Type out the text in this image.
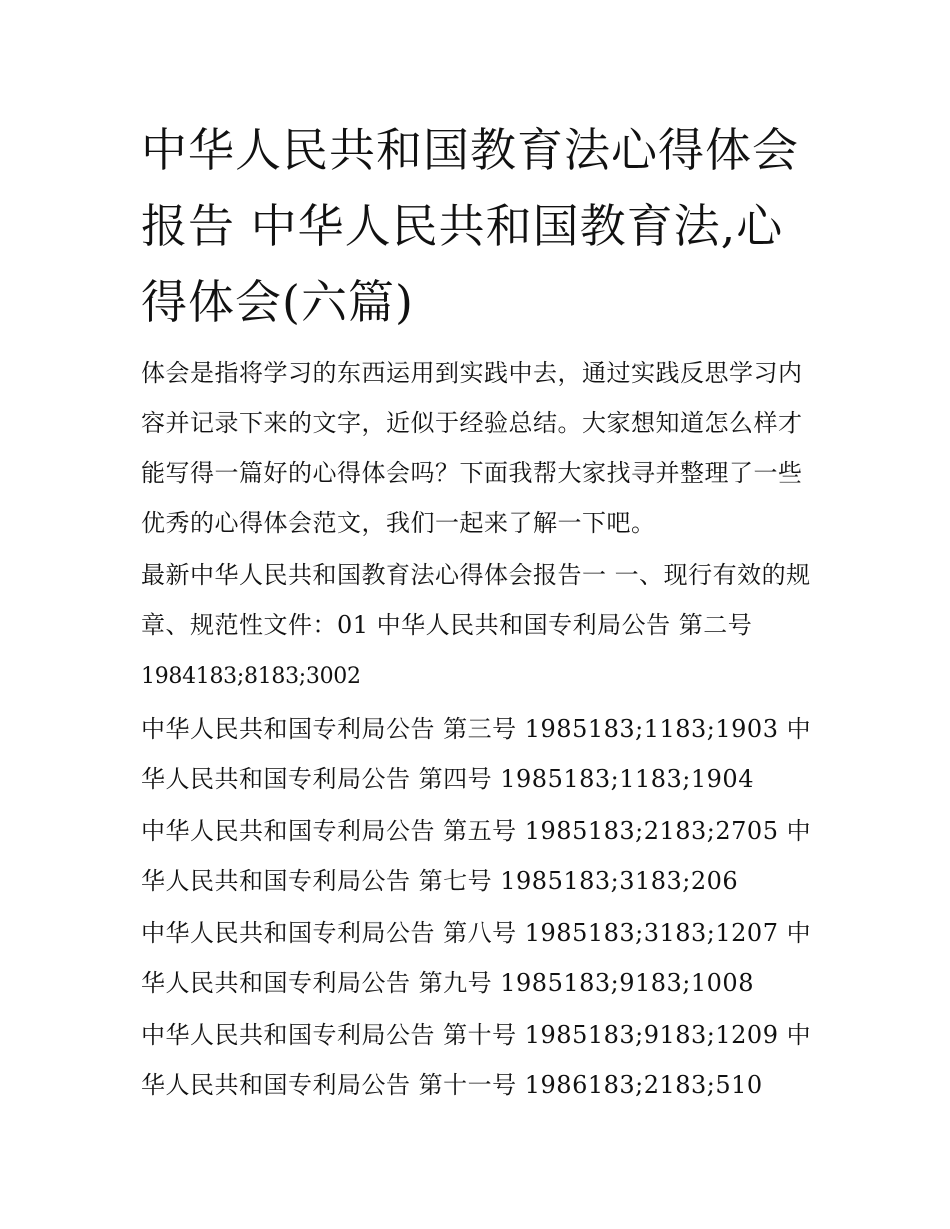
中华人民共和国教育法心得体会报告 中华人民共和国教育法,心得体会(六篇)

体会是指将学习的东西运用到实践中去，通过实践反思学习内容并记录下来的文字，近似于经验总结。大家想知道怎么样才能写得一篇好的心得体会吗？下面我帮大家找寻并整理了一些优秀的心得体会范文，我们一起来了解一下吧。

最新中华人民共和国教育法心得体会报告一 一、现行有效的规章、规范性文件：01 中华人民共和国专利局公告 第二号
1984183;8183;3002

中华人民共和国专利局公告 第三号 1985183;1183;1903 中华人民共和国专利局公告 第四号 1985183;1183;1904

中华人民共和国专利局公告 第五号 1985183;2183;2705 中华人民共和国专利局公告 第七号 1985183;3183;206

中华人民共和国专利局公告 第八号 1985183;3183;1207 中华人民共和国专利局公告 第九号 1985183;9183;1008

中华人民共和国专利局公告 第十号 1985183;9183;1209 中华人民共和国专利局公告 第十一号 1986183;2183;510
